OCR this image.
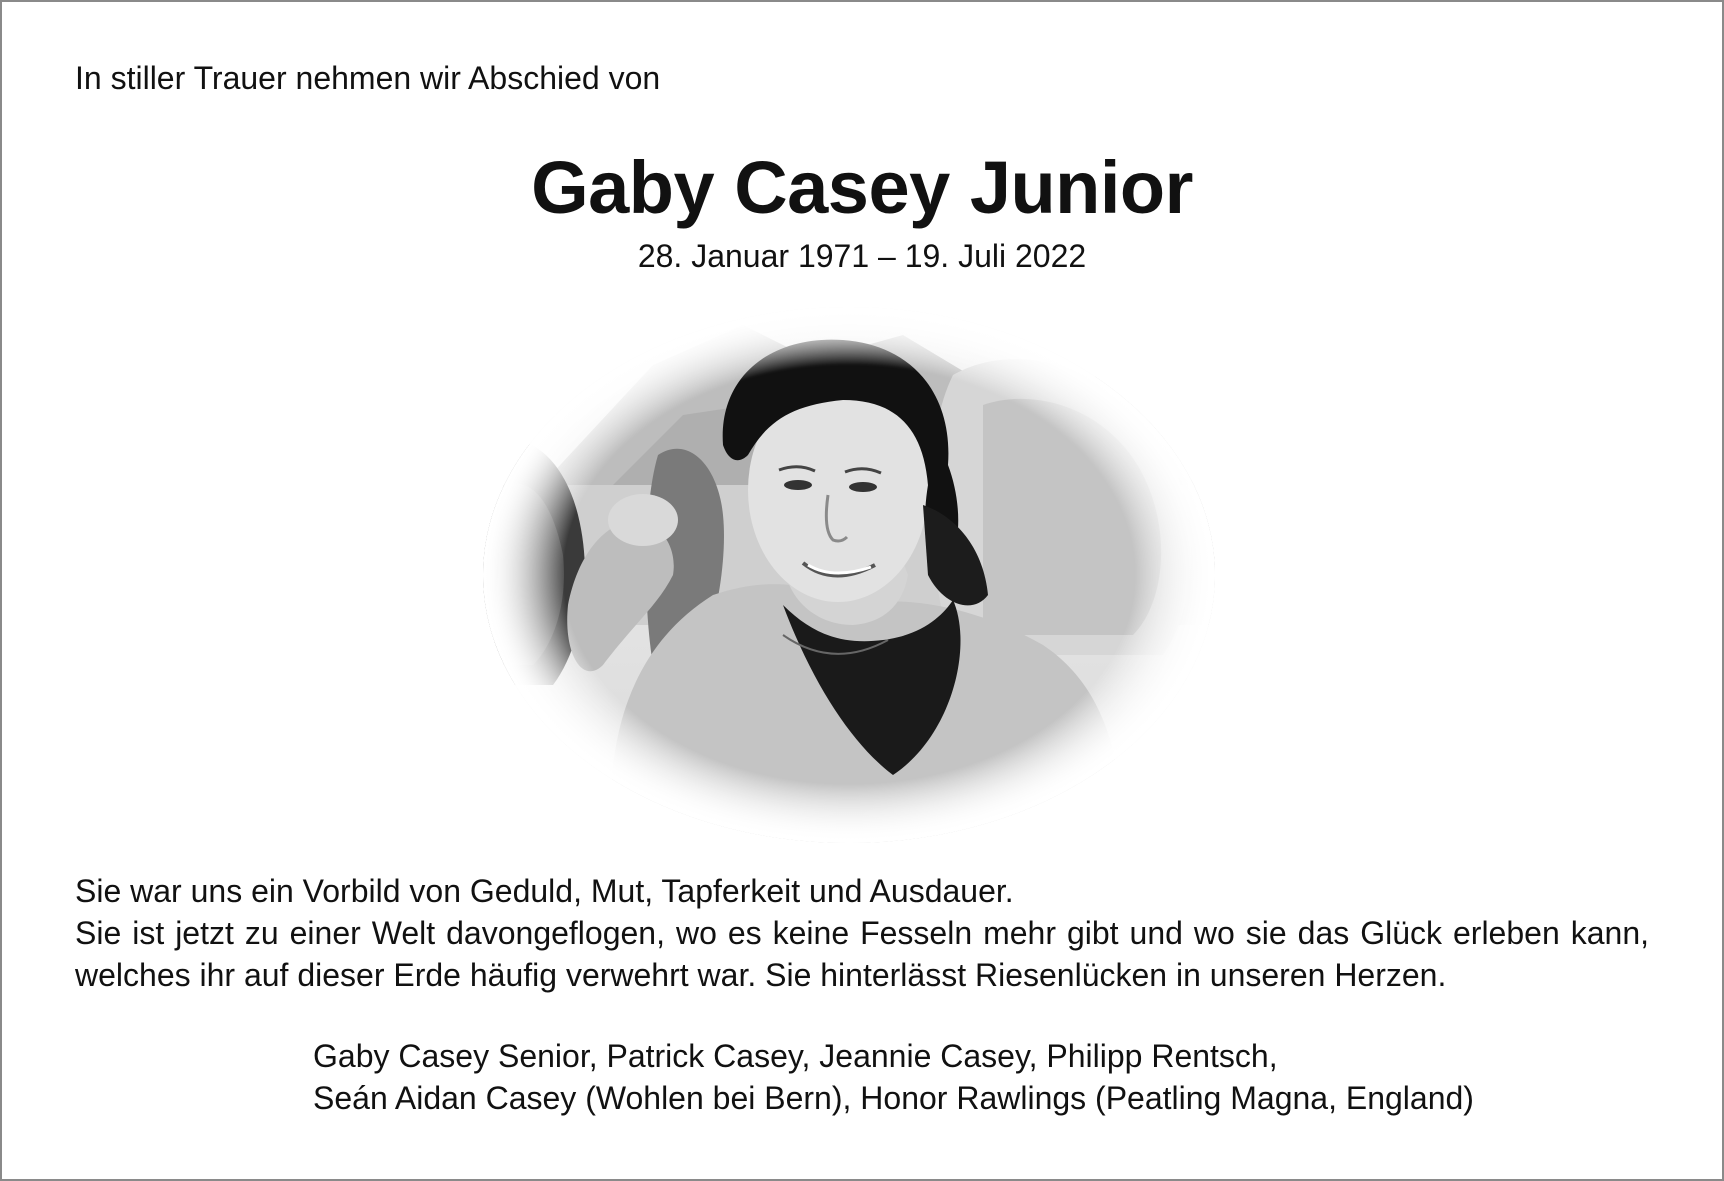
In stiller Trauer nehmen wir Abschied von
Gaby Casey Junior
28. Januar 1971 – 19. Juli 2022

Sie war uns ein Vorbild von Geduld, Mut, Tapferkeit und Ausdauer.

Sie ist jetzt zu einer Welt davongeflogen, wo es keine Fesseln mehr gibt und wo sie das Glück erleben kann, welches ihr auf dieser Erde häufig verwehrt war. Sie hinterlässt Riesenlücken in unseren Herzen.

Gaby Casey Senior, Patrick Casey, Jeannie Casey, Philipp Rentsch,
Seán Aidan Casey (Wohlen bei Bern), Honor Rawlings (Peatling Magna, England)
